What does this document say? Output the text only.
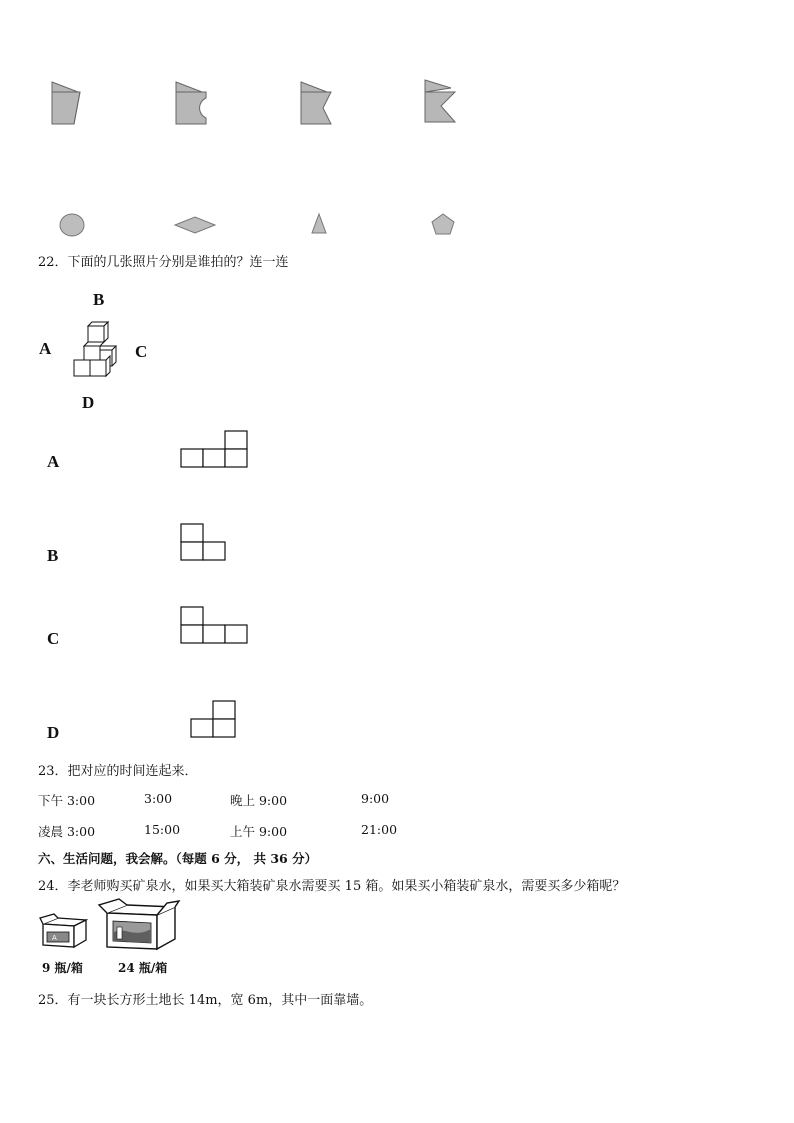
22．下面的几张照片分别是谁拍的？连一连
B
A	C
D
A
B
C
D
23．把对应的时间连起来．
下午 3:00	3:00	晚上 9:00	9:00
凌晨 3:00	15:00	上午 9:00	21:00
六、生活问题，我会解。（每题 6 分， 共 36 分）
24．李老师购买矿泉水，如果买大箱装矿泉水需要买 15 箱。如果买小箱装矿泉水，需要买多少箱呢？
A
9 瓶/箱	24 瓶/箱
25．有一块长方形土地长 14m，宽 6m，其中一面靠墙。
